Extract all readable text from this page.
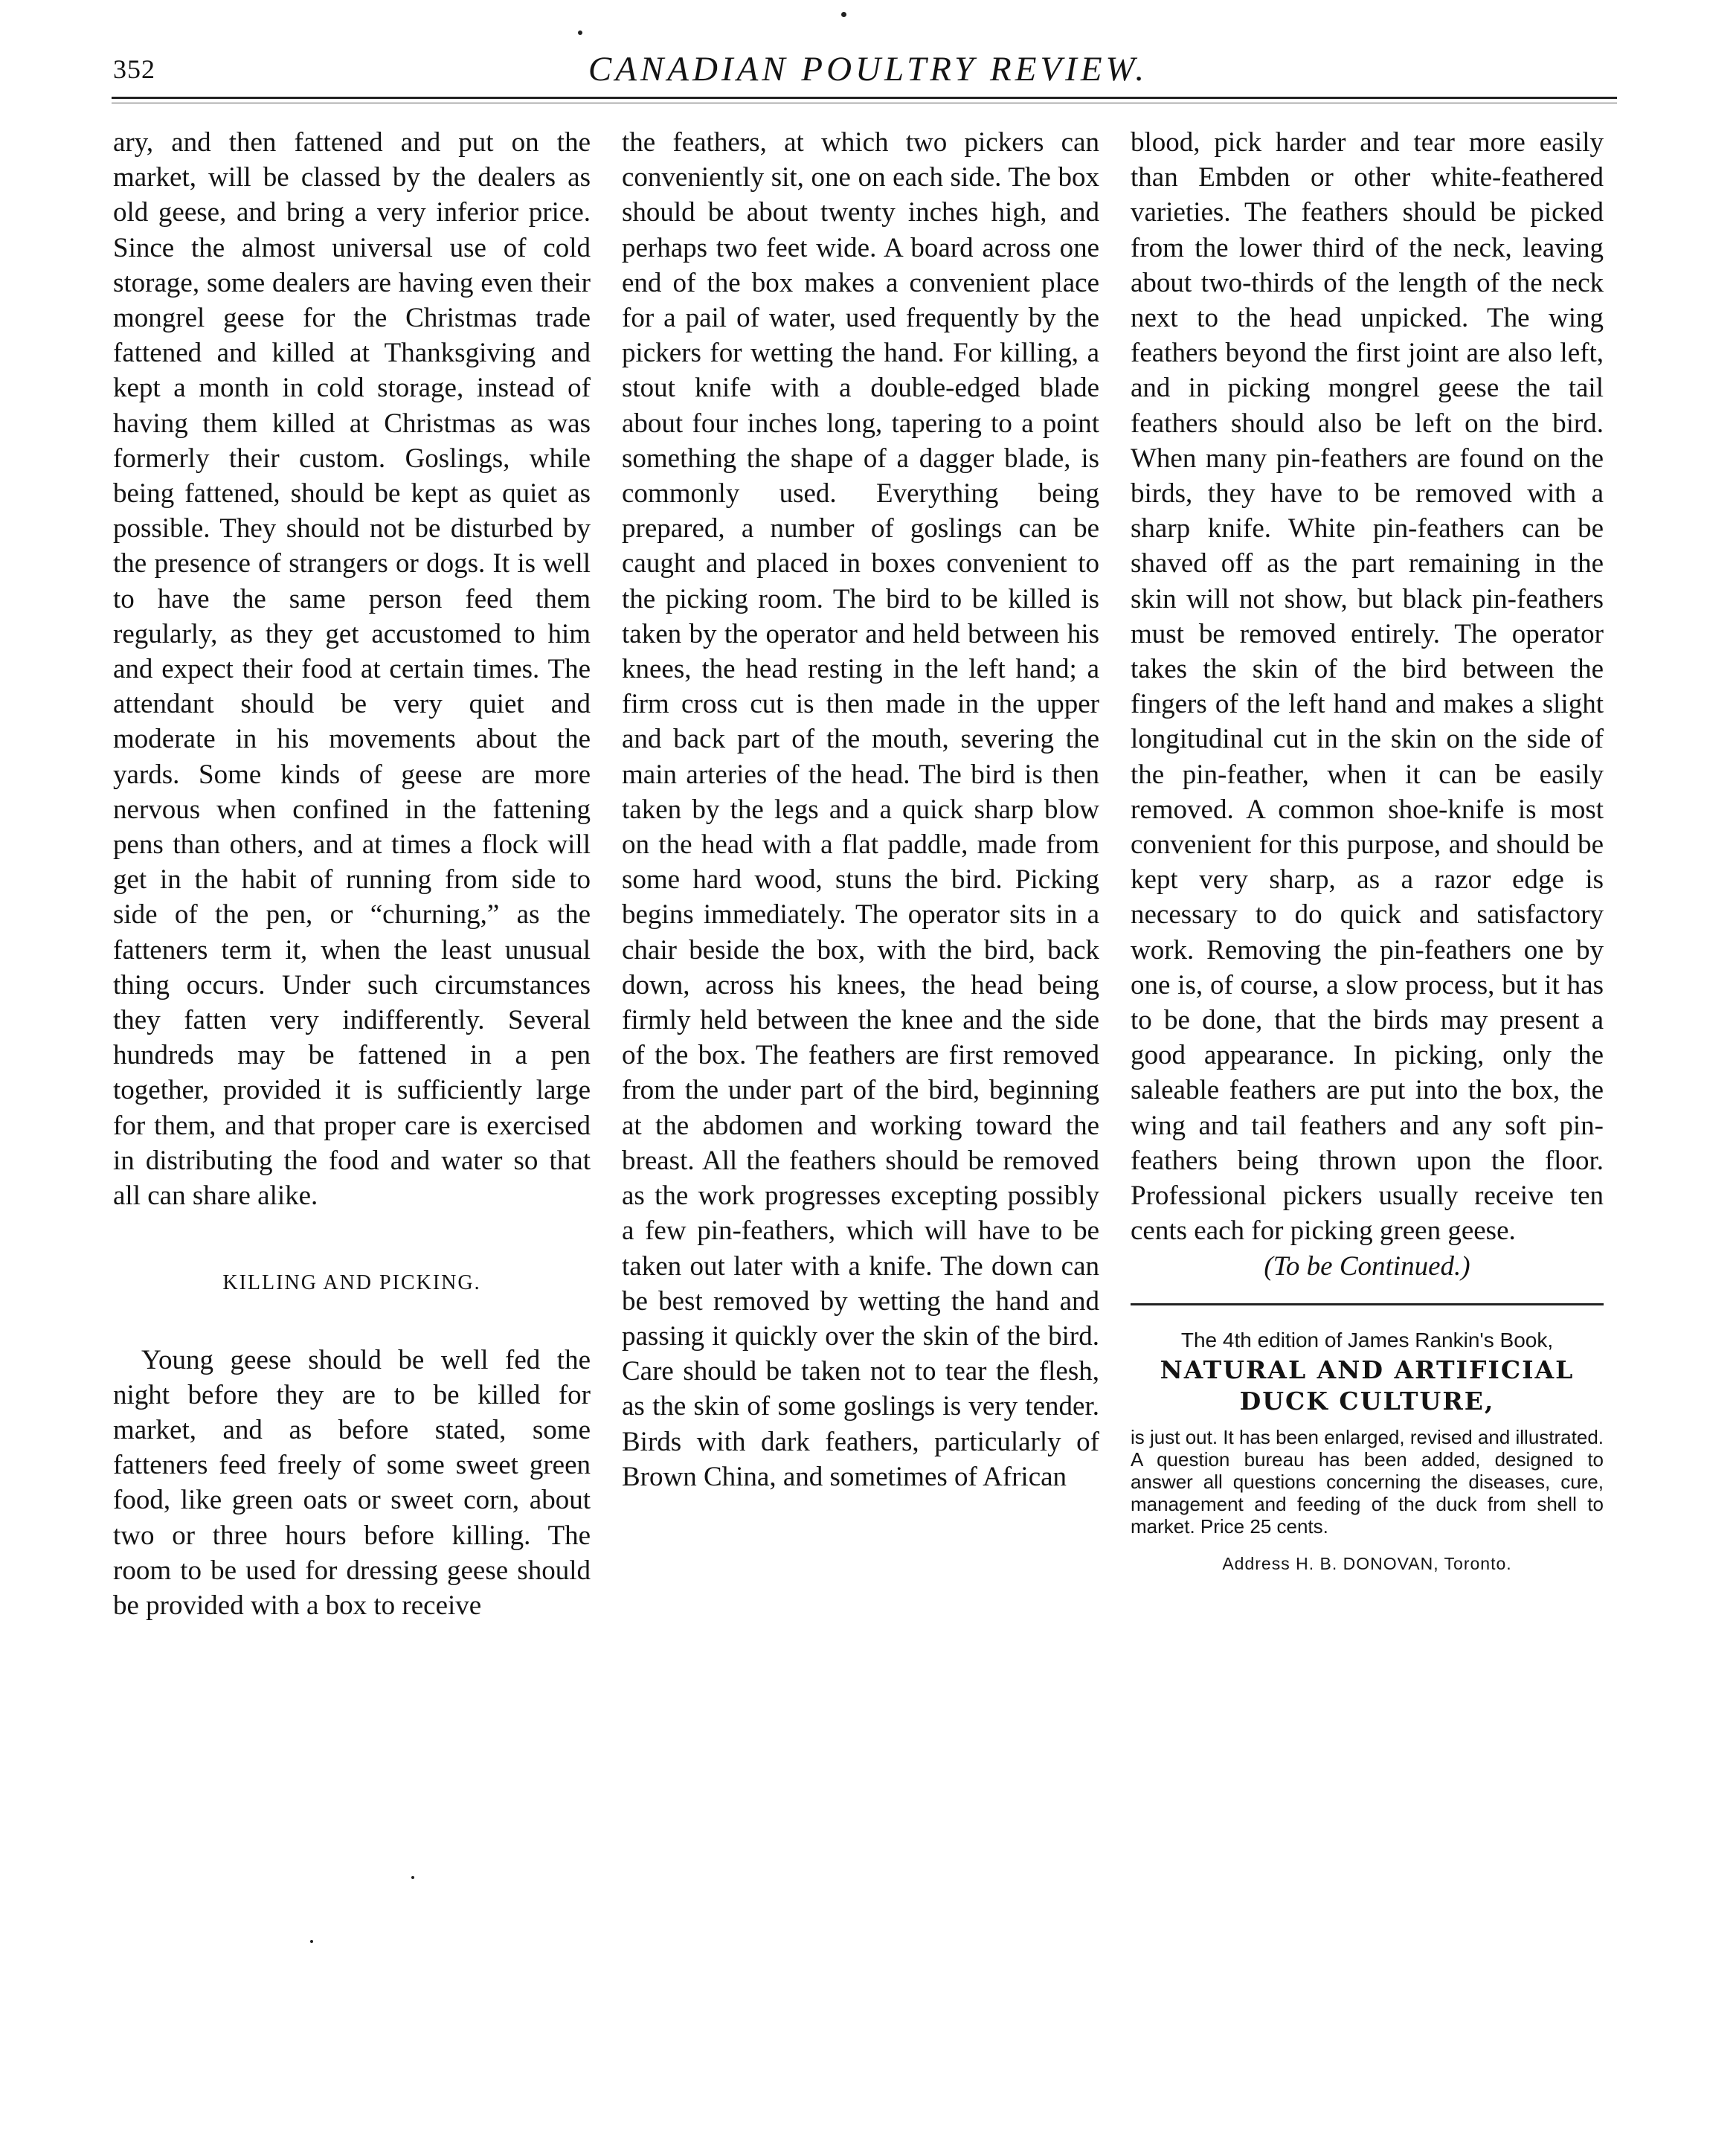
352	CANADIAN POULTRY REVIEW.

ary, and then fattened and put on the market, will be classed by the dealers as old geese, and bring a very inferior price. Since the almost universal use of cold storage, some dealers are having even their mongrel geese for the Christmas trade fattened and killed at Thanksgiving and kept a month in cold storage, instead of having them killed at Christmas as was formerly their custom. Goslings, while being fattened, should be kept as quiet as possible. They should not be disturbed by the presence of strangers or dogs. It is well to have the same person feed them regularly, as they get accustomed to him and expect their food at certain times. The attendant should be very quiet and moderate in his movements about the yards. Some kinds of geese are more nervous when confined in the fattening pens than others, and at times a flock will get in the habit of running from side to side of the pen, or “churning,” as the fatteners term it, when the least unusual thing occurs. Under such circumstances they fatten very indifferently. Several hundreds may be fattened in a pen together, provided it is sufficiently large for them, and that proper care is exercised in distributing the food and water so that all can share alike.

KILLING AND PICKING.

Young geese should be well fed the night before they are to be killed for market, and as before stated, some fatteners feed freely of some sweet green food, like green oats or sweet corn, about two or three hours before killing. The room to be used for dressing geese should be provided with a box to receive

the feathers, at which two pickers can conveniently sit, one on each side. The box should be about twenty inches high, and perhaps two feet wide. A board across one end of the box makes a convenient place for a pail of water, used frequently by the pickers for wetting the hand. For killing, a stout knife with a double-edged blade about four inches long, tapering to a point something the shape of a dagger blade, is commonly used. Everything being prepared, a number of goslings can be caught and placed in boxes convenient to the picking room. The bird to be killed is taken by the operator and held between his knees, the head resting in the left hand; a firm cross cut is then made in the upper and back part of the mouth, severing the main arteries of the head. The bird is then taken by the legs and a quick sharp blow on the head with a flat paddle, made from some hard wood, stuns the bird. Picking begins immediately. The operator sits in a chair beside the box, with the bird, back down, across his knees, the head being firmly held between the knee and the side of the box. The feathers are first removed from the under part of the bird, beginning at the abdomen and working toward the breast. All the feathers should be removed as the work progresses excepting possibly a few pin-feathers, which will have to be taken out later with a knife. The down can be best removed by wetting the hand and passing it quickly over the skin of the bird. Care should be taken not to tear the flesh, as the skin of some goslings is very tender. Birds with dark feathers, particularly of Brown China, and sometimes of African

blood, pick harder and tear more easily than Embden or other white-feathered varieties. The feathers should be picked from the lower third of the neck, leaving about two-thirds of the length of the neck next to the head unpicked. The wing feathers beyond the first joint are also left, and in picking mongrel geese the tail feathers should also be left on the bird. When many pin-feathers are found on the birds, they have to be removed with a sharp knife. White pin-feathers can be shaved off as the part remaining in the skin will not show, but black pin-feathers must be removed entirely. The operator takes the skin of the bird between the fingers of the left hand and makes a slight longitudinal cut in the skin on the side of the pin-feather, when it can be easily removed. A common shoe-knife is most convenient for this purpose, and should be kept very sharp, as a razor edge is necessary to do quick and satisfactory work. Removing the pin-feathers one by one is, of course, a slow process, but it has to be done, that the birds may present a good appearance. In picking, only the saleable feathers are put into the box, the wing and tail feathers and any soft pin-feathers being thrown upon the floor. Professional pickers usually receive ten cents each for picking green geese.

(To be Continued.)

The 4th edition of James Rankin's Book,
NATURAL AND ARTIFICIAL
DUCK CULTURE,
is just out. It has been enlarged, revised and illustrated. A question bureau has been added, designed to answer all questions concerning the diseases, cure, management and feeding of the duck from shell to market. Price 25 cents.
Address H. B. DONOVAN, Toronto.
